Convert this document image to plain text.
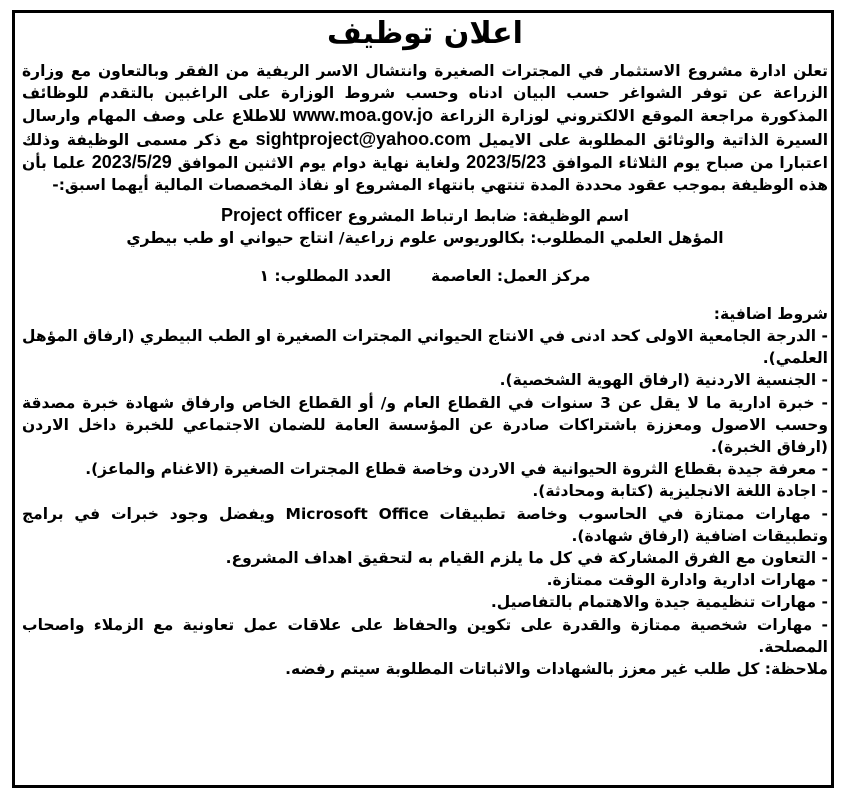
اعلان توظيف

تعلن ادارة مشروع الاستثمار في المجترات الصغيرة وانتشال الاسر الريفية من الفقر وبالتعاون مع وزارة الزراعة عن توفر الشواغر حسب البيان ادناه وحسب شروط الوزارة على الراغبين بالتقدم للوظائف المذكورة مراجعة الموقع الالكتروني لوزارة الزراعة www.moa.gov.jo للاطلاع على وصف المهام وارسال السيرة الذاتية والوثائق المطلوبة على الايميل sightproject@yahoo.com مع ذكر مسمى الوظيفة وذلك اعتبارا من صباح يوم الثلاثاء الموافق 2023/5/23 ولغاية نهاية دوام يوم الاثنين الموافق 2023/5/29 علما بأن هذه الوظيفة بموجب عقود محددة المدة تنتهي بانتهاء المشروع او نفاذ المخصصات المالية أيهما اسبق:-

اسم الوظيفة: ضابط ارتباط المشروع Project officer

المؤهل العلمي المطلوب: بكالوريوس علوم زراعية/ انتاج حيواني او طب بيطري

مركز العمل: العاصمةالعدد المطلوب: ١

شروط اضافية:
- الدرجة الجامعية الاولى كحد ادنى في الانتاج الحيواني المجترات الصغيرة او الطب البيطري (ارفاق المؤهل العلمي).
- الجنسية الاردنية (ارفاق الهوية الشخصية).
- خبرة ادارية ما لا يقل عن 3 سنوات في القطاع العام و/ أو القطاع الخاص وارفاق شهادة خبرة مصدقة وحسب الاصول ومعززة باشتراكات صادرة عن المؤسسة العامة للضمان الاجتماعي للخبرة داخل الاردن (ارفاق الخبرة).
- معرفة جيدة بقطاع الثروة الحيوانية في الاردن وخاصة قطاع المجترات الصغيرة (الاغنام والماعز).
- اجادة اللغة الانجليزية (كتابة ومحادثة).
- مهارات ممتازة في الحاسوب وخاصة تطبيقات Microsoft Office ويفضل وجود خبرات في برامج وتطبيقات اضافية (ارفاق شهادة).
- التعاون مع الفرق المشاركة في كل ما يلزم القيام به لتحقيق اهداف المشروع.
- مهارات ادارية وادارة الوقت ممتازة.
- مهارات تنظيمية جيدة والاهتمام بالتفاصيل.
- مهارات شخصية ممتازة والقدرة على تكوين والحفاظ على علاقات عمل تعاونية مع الزملاء واصحاب المصلحة.

ملاحظة: كل طلب غير معزز بالشهادات والاثباتات المطلوبة سيتم رفضه.
